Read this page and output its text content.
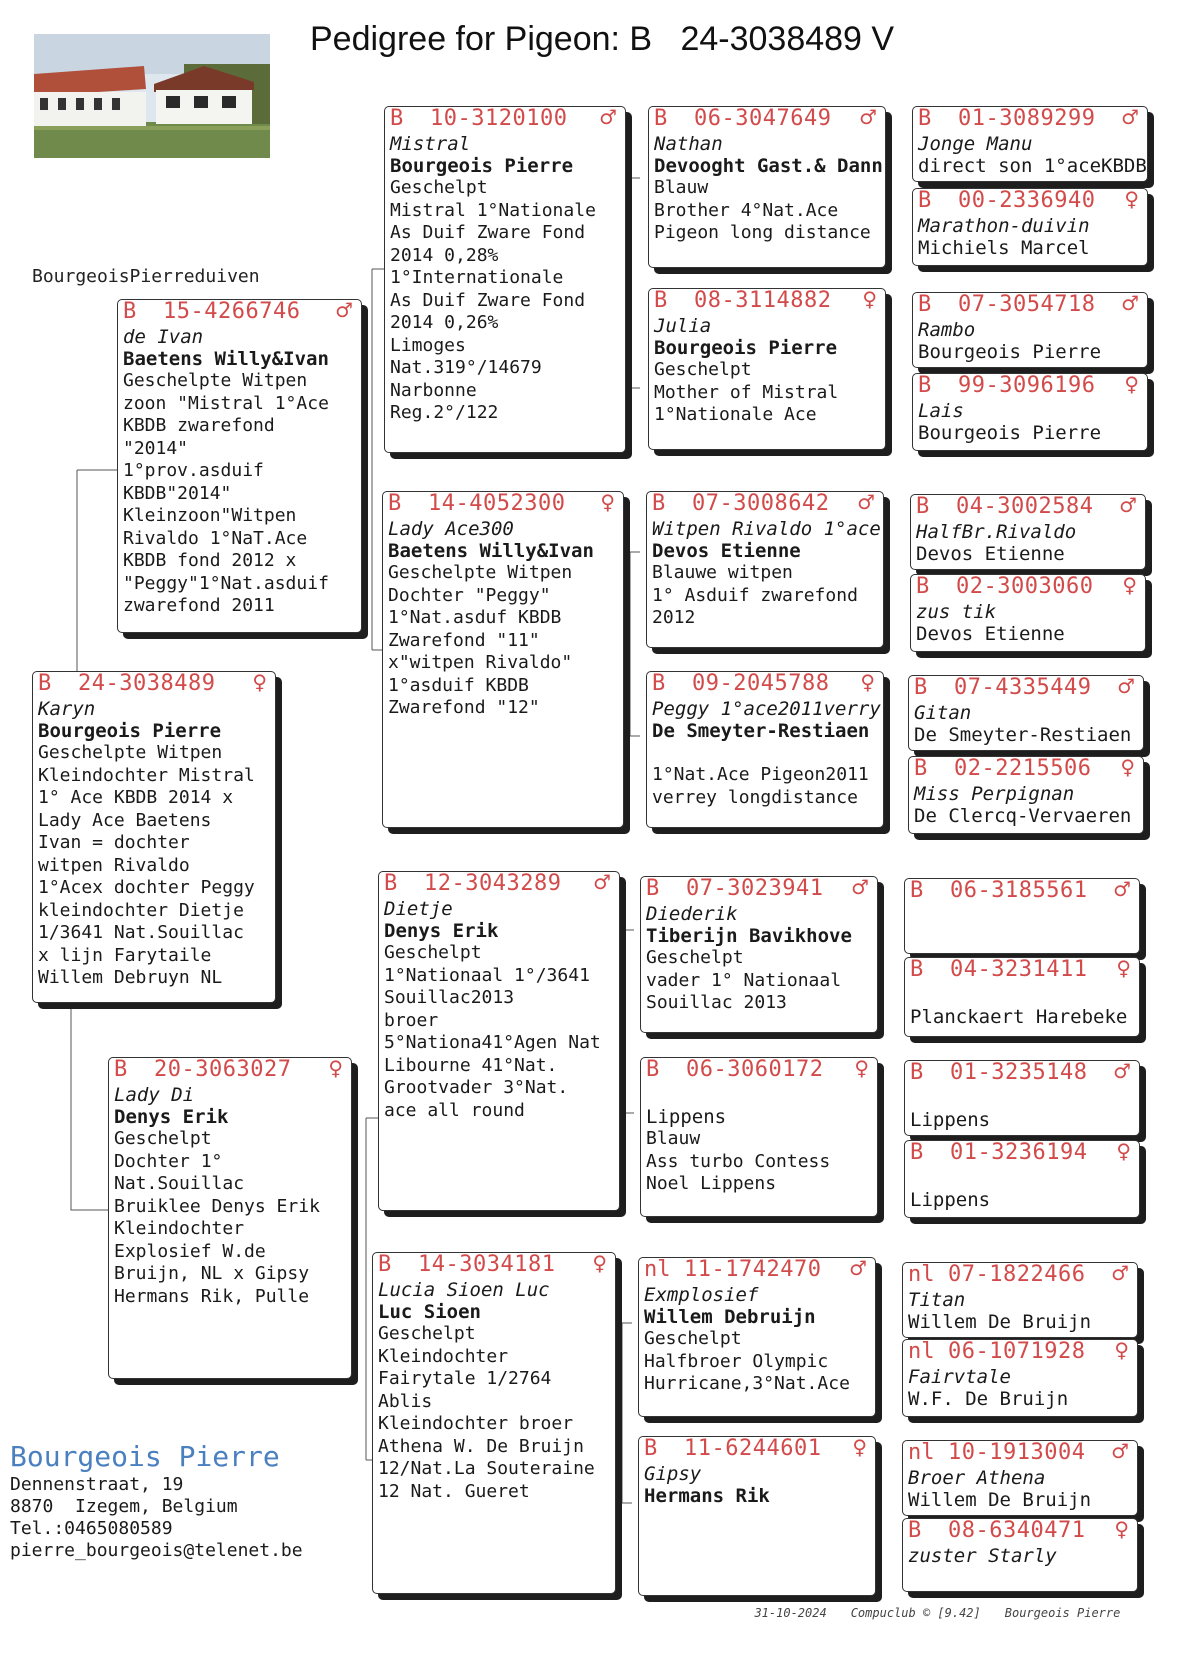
Pedigree for Pigeon: B   24-3038489 V
BourgeoisPierreduiven
B 24-3038489 ♀
Karyn
Bourgeois Pierre
Geschelpte Witpen
Kleindochter Mistral
1° Ace KBDB 2014 x
Lady Ace Baetens
Ivan = dochter
witpen Rivaldo
1°Acex dochter Peggy
kleindochter Dietje
1/3641 Nat.Souillac
x lijn Farytaile
Willem Debruyn NL
B 15-4266746 ♂
de Ivan
Baetens Willy&Ivan
Geschelpte Witpen
zoon "Mistral 1°Ace
KBDB zwarefond
"2014"
1°prov.asduif
KBDB"2014"
Kleinzoon"Witpen
Rivaldo 1°NaT.Ace
KBDB fond 2012 x
"Peggy"1°Nat.asduif
zwarefond 2011
B 20-3063027 ♀
Lady Di
Denys Erik
Geschelpt
Dochter 1°
Nat.Souillac
Bruiklee Denys Erik
Kleindochter
Explosief W.de
Bruijn, NL x Gipsy
Hermans Rik, Pulle
B 10-3120100 ♂
Mistral
Bourgeois Pierre
Geschelpt
Mistral 1°Nationale
As Duif Zware Fond
2014 0,28%
1°Internationale
As Duif Zware Fond
2014 0,26%
Limoges
Nat.319°/14679
Narbonne
Reg.2°/122
B 14-4052300 ♀
Lady Ace300
Baetens Willy&Ivan
Geschelpte Witpen
Dochter "Peggy"
1°Nat.asduf KBDB
Zwarefond "11"
x"witpen Rivaldo"
1°asduif KBDB
Zwarefond "12"
B 12-3043289 ♂
Dietje
Denys Erik
Geschelpt
1°Nationaal 1°/3641
Souillac2013
broer
5°Nationa41°Agen Nat
Libourne 41°Nat.
Grootvader 3°Nat.
ace all round
B 14-3034181 ♀
Lucia Sioen Luc
Luc Sioen
Geschelpt
Kleindochter
Fairytale 1/2764
Ablis
Kleindochter broer
Athena W. De Bruijn
12/Nat.La Souteraine
12 Nat. Gueret
B 06-3047649 ♂
Nathan
Devooght Gast.& Dann
Blauw
Brother 4°Nat.Ace
Pigeon long distance
B 08-3114882 ♀
Julia
Bourgeois Pierre
Geschelpt
Mother of Mistral
1°Nationale Ace
B 07-3008642 ♂
Witpen Rivaldo 1°ace
Devos Etienne
Blauwe witpen
1° Asduif zwarefond
2012
B 09-2045788 ♀
Peggy 1°ace2011verry
De Smeyter-Restiaen
1°Nat.Ace Pigeon2011
verrey longdistance
B 07-3023941 ♂
Diederik
Tiberijn Bavikhove
Geschelpt
vader 1° Nationaal
Souillac 2013
B 06-3060172 ♀
Lippens
Blauw
Ass turbo Contess
Noel Lippens
nl 11-1742470 ♂
Exmplosief
Willem Debruijn
Geschelpt
Halfbroer Olympic
Hurricane,3°Nat.Ace
B 11-6244601 ♀
Gipsy
Hermans Rik
B 01-3089299 ♂
Jonge Manu
direct son 1°aceKBDB
B 00-2336940 ♀
Marathon-duivin
Michiels Marcel
B 07-3054718 ♂
Rambo
Bourgeois Pierre
B 99-3096196 ♀
Lais
Bourgeois Pierre
B 04-3002584 ♂
HalfBr.Rivaldo
Devos Etienne
B 02-3003060 ♀
zus tik
Devos Etienne
B 07-4335449 ♂
Gitan
De Smeyter-Restiaen
B 02-2215506 ♀
Miss Perpignan
De Clercq-Vervaeren
B 06-3185561 ♂
B 04-3231411 ♀
Planckaert Harebeke
B 01-3235148 ♂
Lippens
B 01-3236194 ♀
Lippens
nl 07-1822466 ♂
Titan
Willem De Bruijn
nl 06-1071928 ♀
Fairvtale
W.F. De Bruijn
nl 10-1913004 ♂
Broer Athena
Willem De Bruijn
B 08-6340471 ♀
zuster Starly
Bourgeois Pierre
Dennenstraat, 19
8870  Izegem, Belgium
Tel.:0465080589
pierre_bourgeois@telenet.be

31-10-2024 Compuclub © [9.42] Bourgeois Pierre
